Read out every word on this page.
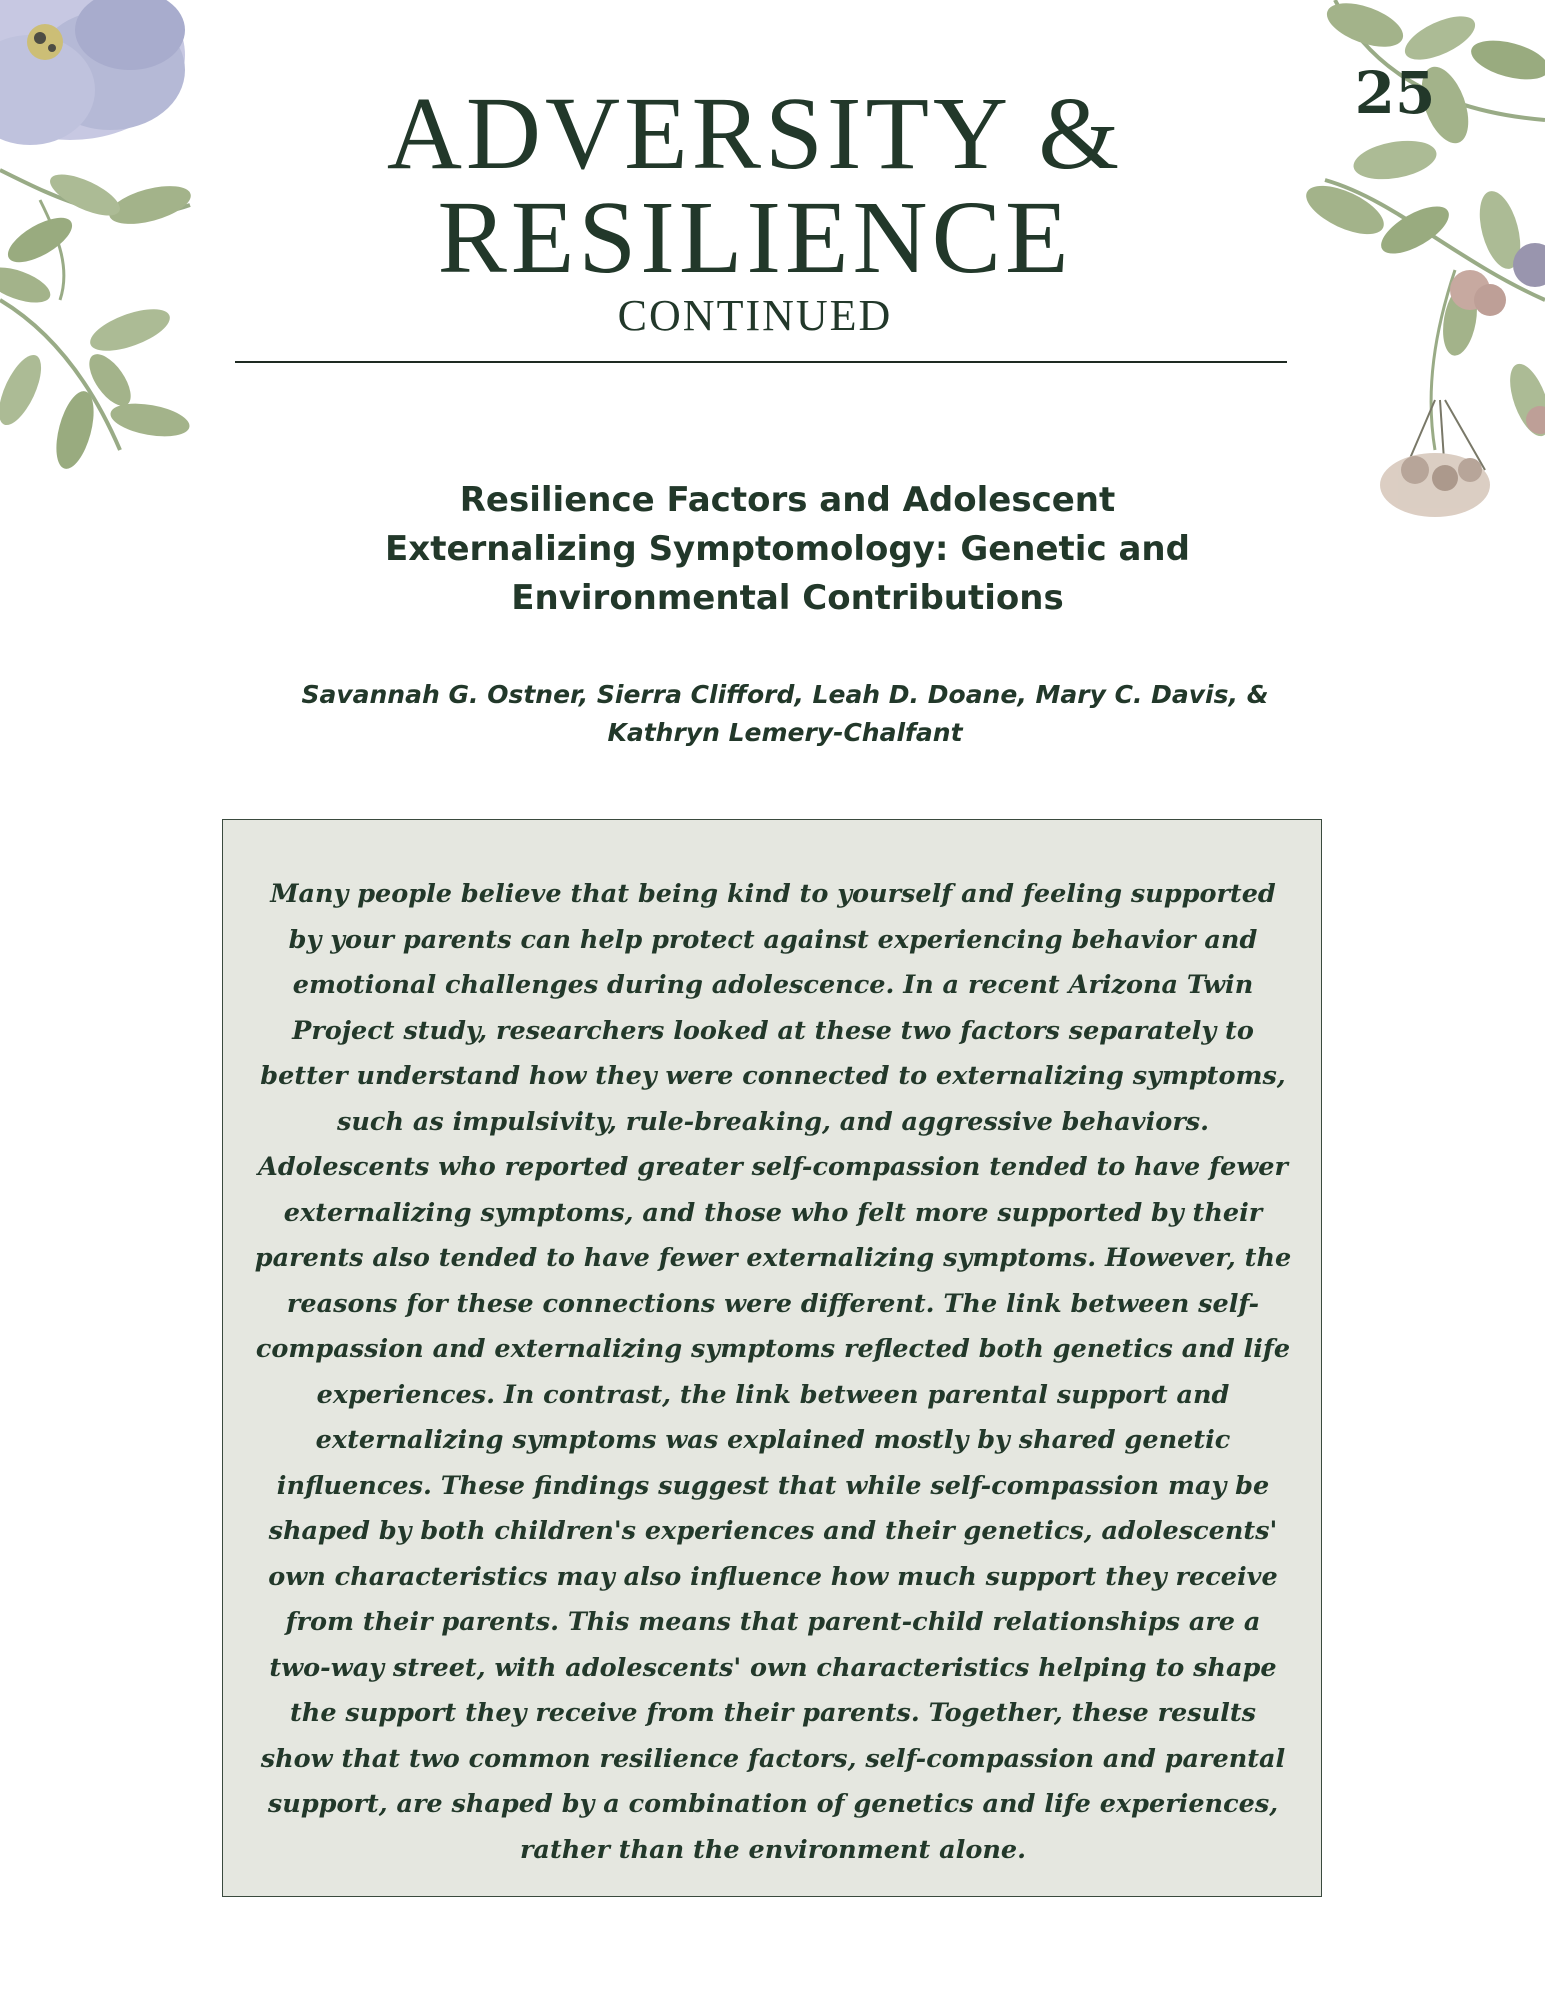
25
ADVERSITY &
RESILIENCE
CONTINUED
Resilience Factors and Adolescent Externalizing Symptomology: Genetic and Environmental Contributions
Savannah G. Ostner, Sierra Clifford, Leah D. Doane, Mary C. Davis, &
Kathryn Lemery-Chalfant

Many people believe that being kind to yourself and feeling supported by your parents can help protect against experiencing behavior and emotional challenges during adolescence. In a recent Arizona Twin Project study, researchers looked at these two factors separately to better understand how they were connected to externalizing symptoms, such as impulsivity, rule-breaking, and aggressive behaviors. Adolescents who reported greater self-compassion tended to have fewer externalizing symptoms, and those who felt more supported by their parents also tended to have fewer externalizing symptoms. However, the reasons for these connections were different. The link between self-compassion and externalizing symptoms reflected both genetics and life experiences. In contrast, the link between parental support and externalizing symptoms was explained mostly by shared genetic influences. These findings suggest that while self-compassion may be shaped by both children's experiences and their genetics, adolescents' own characteristics may also influence how much support they receive from their parents. This means that parent-child relationships are a two-way street, with adolescents' own characteristics helping to shape the support they receive from their parents. Together, these results show that two common resilience factors, self-compassion and parental support, are shaped by a combination of genetics and life experiences, rather than the environment alone.
